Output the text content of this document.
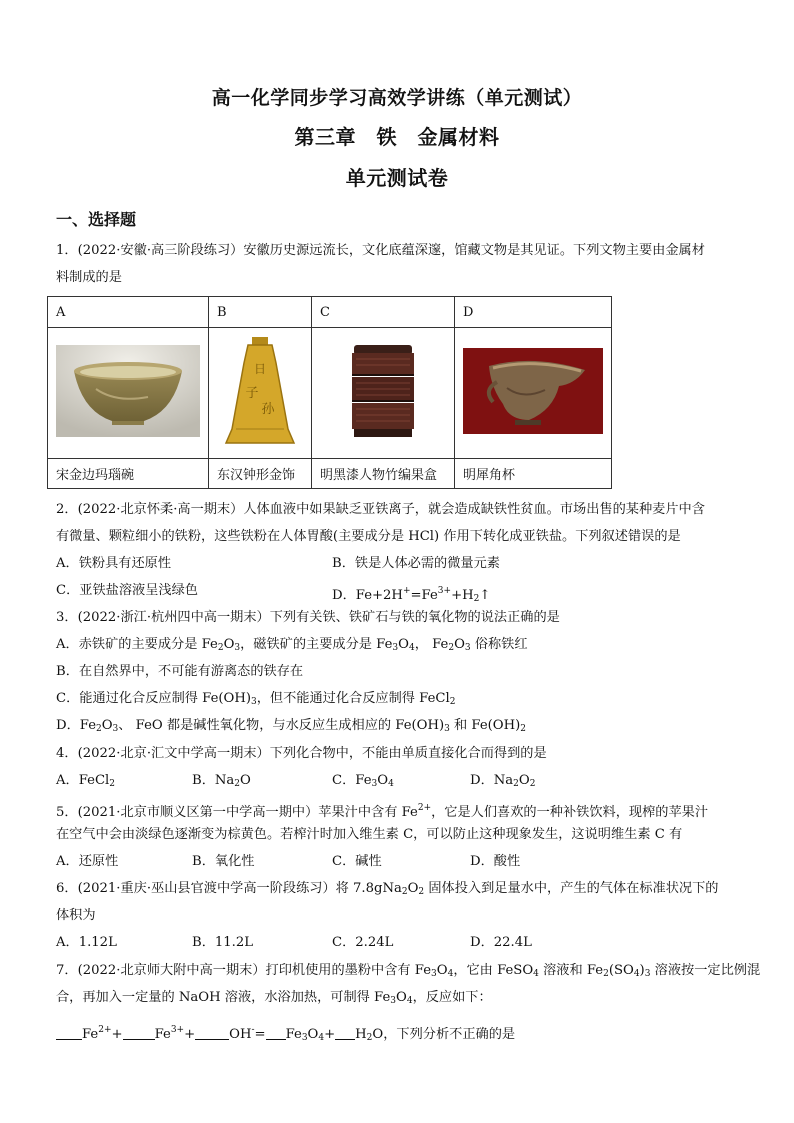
高一化学同步学习高效学讲练（单元测试）
第三章　铁　金属材料
单元测试卷
一、选择题
1．(2022·安徽·高三阶段练习）安徽历史源远流长，文化底蕴深邃，馆藏文物是其见证。下列文物主要由金属材
料制成的是
A	B	C	D

日
子
孙

宋金边玛瑙碗	东汉钟形金饰	明黑漆人物竹编果盒	明犀角杯
2．(2022·北京怀柔·高一期末）人体血液中如果缺乏亚铁离子，就会造成缺铁性贫血。市场出售的某种麦片中含
有微量、颗粒细小的铁粉，这些铁粉在人体胃酸(主要成分是 HCl) 作用下转化成亚铁盐。下列叙述错误的是
A．铁粉具有还原性	B．铁是人体必需的微量元素
C．亚铁盐溶液呈浅绿色	D．$Fe+2H^+=Fe^{3+}+H_2↑$
3．(2022·浙江·杭州四中高一期末）下列有关铁、铁矿石与铁的氧化物的说法正确的是
A．赤铁矿的主要成分是 $Fe_2O_3$，磁铁矿的主要成分是 $Fe_3O_4$， $Fe_2O_3$ 俗称铁红
B．在自然界中，不可能有游离态的铁存在
C．能通过化合反应制得 $Fe(OH)_3$，但不能通过化合反应制得 FeCl$_2$
D．$Fe_2O_3$、 FeO 都是碱性氧化物，与水反应生成相应的 $Fe(OH)_3$ 和 $Fe(OH)_2$
4．(2022·北京·汇文中学高一期末）下列化合物中，不能由单质直接化合而得到的是
A．FeCl$_2$	B．$Na_2O$	C．$Fe_3O_4$	D．$Na_2O_2$
5．(2021·北京市顺义区第一中学高一期中）苹果汁中含有 $Fe^{2+}$，它是人们喜欢的一种补铁饮料，现榨的苹果汁
在空气中会由淡绿色逐渐变为棕黄色。若榨汁时加入维生素 C，可以防止这种现象发生，这说明维生素 C 有
A．还原性	B．氧化性	C．碱性	D．酸性
6．(2021·重庆·巫山县官渡中学高一阶段练习）将 $7.8gNa_2O_2$ 固体投入到足量水中，产生的气体在标准状况下的
体积为
A．1.12L	B．11.2L	C．2.24L	D．22.4L
7．(2022·北京师大附中高一期末）打印机使用的墨粉中含有 $Fe_3O_4$，它由 FeSO$_4$ 溶液和 $Fe_2(SO_4)_3$ 溶液按一定比例混
合，再加入一定量的 NaOH 溶液，水浴加热，可制得 $Fe_3O_4$，反应如下：
$Fe^{2+}+ Fe^{3+}+$	$OH^-= Fe_3O_4+ H_2O$，下列分析不正确的是
